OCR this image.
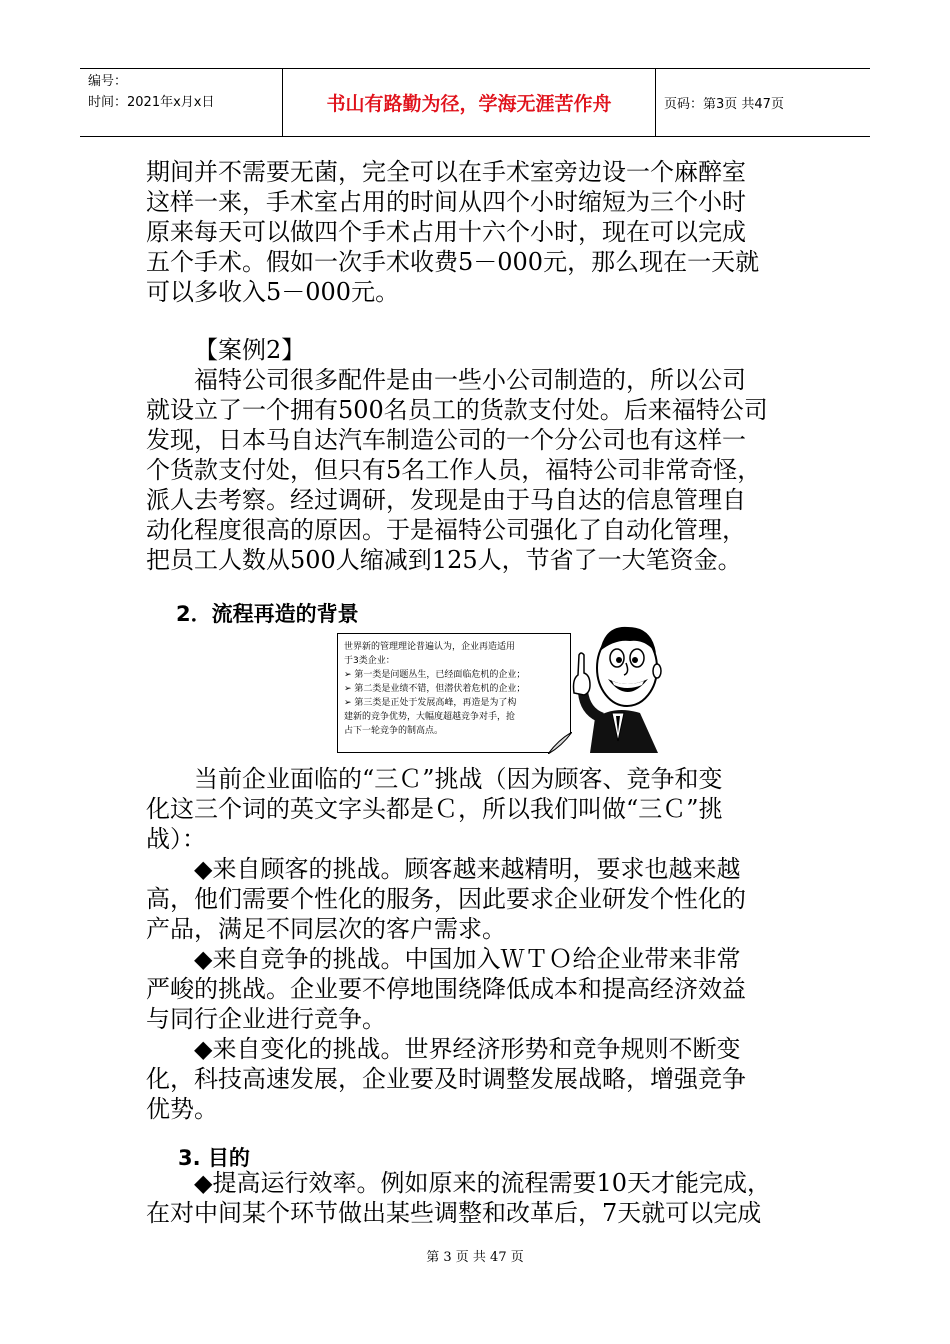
编号：
时间：2021年x月x日	书山有路勤为径，学海无涯苦作舟	页码：第3页 共47页

期间并不需要无菌，完全可以在手术室旁边设一个麻醉室

这样一来，手术室占用的时间从四个小时缩短为三个小时

原来每天可以做四个手术占用十六个小时，现在可以完成

五个手术。假如一次手术收费5－000元，那么现在一天就

可以多收入5－000元。

【案例2】

　　福特公司很多配件是由一些小公司制造的，所以公司

就设立了一个拥有500名员工的货款支付处。后来福特公司

发现，日本马自达汽车制造公司的一个分公司也有这样一

个货款支付处，但只有5名工作人员，福特公司非常奇怪，

派人去考察。经过调研，发现是由于马自达的信息管理自

动化程度很高的原因。于是福特公司强化了自动化管理，

把员工人数从500人缩减到125人，节省了一大笔资金。

2．流程再造的背景
世界新的管理理论普遍认为，企业再造适用
于3类企业：
➢ 第一类是问题丛生，已经面临危机的企业；
➢ 第二类是业绩不错，但潜伏着危机的企业；
➢ 第三类是正处于发展高峰，再造是为了构
建新的竞争优势，大幅度超越竞争对手，抢
占下一轮竞争的制高点。

　　当前企业面临的“三Ｃ”挑战（因为顾客、竞争和变

化这三个词的英文字头都是Ｃ，所以我们叫做“三Ｃ”挑

战）：

　　◆来自顾客的挑战。顾客越来越精明，要求也越来越

高，他们需要个性化的服务，因此要求企业研发个性化的

产品，满足不同层次的客户需求。

　　◆来自竞争的挑战。中国加入ＷＴＯ给企业带来非常

严峻的挑战。企业要不停地围绕降低成本和提高经济效益

与同行企业进行竞争。

　　◆来自变化的挑战。世界经济形势和竞争规则不断变

化，科技高速发展，企业要及时调整发展战略，增强竞争

优势。

3. 目的

　　◆提高运行效率。例如原来的流程需要10天才能完成，

在对中间某个环节做出某些调整和改革后，7天就可以完成

第 3 页 共 47 页
